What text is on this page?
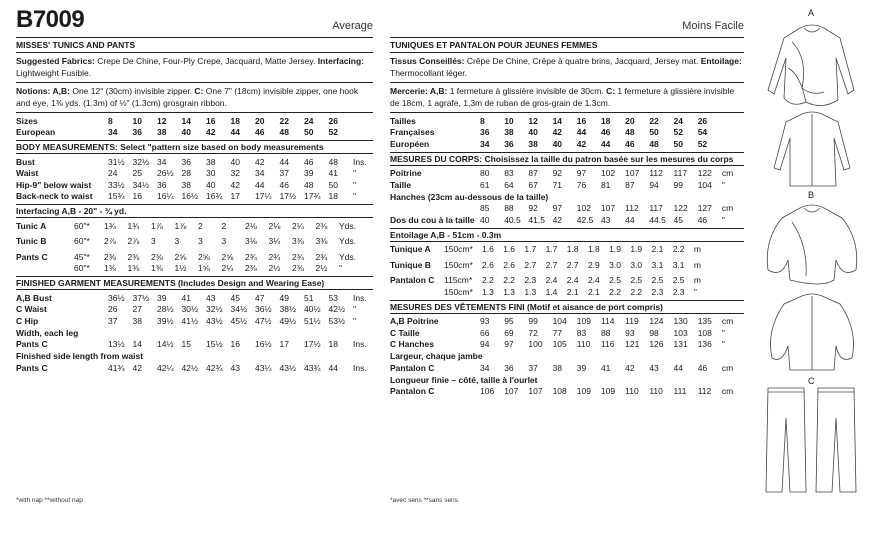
B7009	Average
MISSES' TUNICS AND PANTS
Suggested Fabrics: Crepe De Chine, Four-Ply Crepe, Jacquard, Matte Jersey. Interfacing: Lightweight Fusible.
Notions: A,B: One 12" (30cm) invisible zipper. C: One 7" (18cm) invisible zipper, one hook and eye, 1⅜ yds. (1.3m) of ½" (1.3cm) grosgrain ribbon.
Sizes	8	10	12	14	16	18	20	22	24	26
European	34	36	38	40	42	44	46	48	50	52
BODY MEASUREMENTS: Select "pattern size based on body measurements
Bust	31½ 32½ 34	36	38	40	42	44	46	48	Ins.
Waist	24	25	26½ 28	30	32	34	37	39	41	"
Hip-9" below waist	33½ 34½ 36	38	40	42	44	46	48	50	"
Back-neck to waist	15¾ 16	16¼ 16½ 16¾ 17	17¼ 17½ 17¾ 18	"
Interfacing A,B - 20" - ¾ yd.
Tunic A	60"*	1¾	1¾	1⅞	1⅞	2	2	2⅛	2⅛	2¼	2⅜	Yds.
Tunic B	60"*	2⅞	2⅞	3	3	3	3	3⅛	3¼	3⅜	3⅜	Yds.
Pants C	45"*	2⅜	2⅜	2⅜	2⅝	2⅝	2⅝	2¾	2¾	2¾	2¾	Yds.
60"*	1⅜	1⅜	1⅜	1½	1⅝	2¼	2⅜	2½	2⅜	2½	"
FINISHED GARMENT MEASUREMENTS (Includes Design and Wearing Ease)
A,B Bust	36½ 37½ 39	41	43	45	47	49	51	53	Ins.
C Waist	26	27	28½ 30½ 32½ 34½ 36½ 38½ 40½ 42½ "
C Hip	37	38	39½ 41½ 43½ 45½ 47½ 49½ 51½ 53½ "
Width, each leg
Pants C	13½ 14	14½ 15	15½ 16	16½ 17	17½ 18	Ins.
Finished side length from waist
Pants C	41¾ 42	42¼ 42½ 42¾ 43	43¼ 43½ 43¾ 44	Ins.
*with nap **without nap
Moins Facile
TUNIQUES ET PANTALON POUR JEUNES FEMMES
Tissus Conseillés: Crêpe De Chine, Crêpe à quatre brins, Jacquard, Jersey mat. Entoilage: Thermocollant léger.
Mercerie: A,B: 1 fermeture à glissière invisible de 30cm. C: 1 fermeture à glissière invisible de 18cm, 1 agrafe, 1,3m de ruban de gros-grain de 1.3cm.
Tailles	8	10	12	14	16	18	20	22	24	26
Françaises	36	38	40	42	44	46	48	50	52	54
Européen	34	36	38	40	42	44	46	48	50	52
MESURES DU CORPS: Choisissez la taille du patron basée sur les mesures du corps
Poitrine	80	83	87	92	97	102	107	112	117	122	cm
Taille	61	64	67	71	76	81	87	94	99	104	"
Hanches (23cm au-dessous de la taille)
85	88	92	97	102	107	112	117	122	127	cm
Dos du cou à la taille 40	40.5 41.5 42	42.5 43	44	44.5 45	46	"
Entoilage A,B - 51cm - 0.3m
Tunique A	150cm*	1.6	1.6	1.7	1.7	1.8	1.8	1.9	1.9	2.1	2.2	m
Tunique B	150cm*	2.6	2.6	2.7	2.7	2.7	2.9	3.0	3.0	3.1	3.1	m
Pantalon C	115cm*	2.2	2.2	2.3	2.4	2.4	2.4	2.5	2.5	2.5	2.5	m
150cm*	1.3	1.3	1.3	1.4	2.1	2.1	2.2	2.2	2.3	2.3	"
MESURES DES VÊTEMENTS FINI (Motif et aisance de port compris)
A,B Poitrine	93	95	99	104	109	114	119	124	130	135	cm
C Taille	66	69	72	77	83	88	93	98	103	108	"
C Hanches	94	97	100	105	110	116	121	126	131	136	"
Largeur, chaque jambe
Pantalon C	34	36	37	38	39	41	42	43	44	46	cm
Longueur finie – côté, taille à l'ourlet
Pantalon C	106	107	107	108	109	109	110	110	111	112	cm
*avec sens **sans sens
A
B
C
